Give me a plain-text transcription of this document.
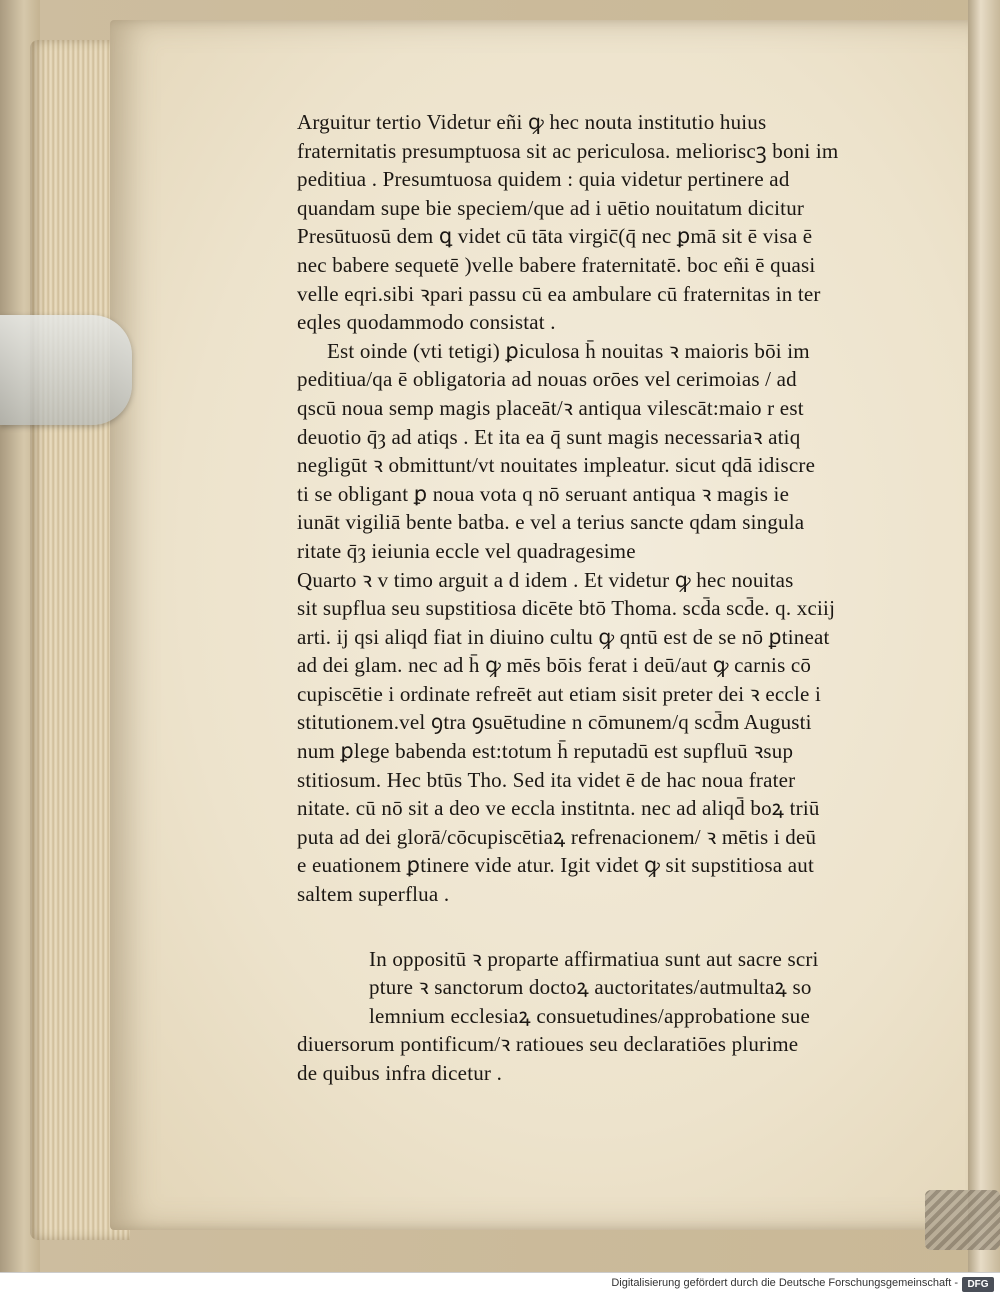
Arguitur tertio Videtur eñi ꝙ hec nouta institutio huius
fraternitatis presumptuosa sit ac periculosa. melioriscꝫ boni im
peditiua . Presumtuosa quidem : quia videtur pertinere ad
quandam supe bie speciem/que ad i uētio nouitatum dicitur
Presūtuosū dem ꝗ videt cū tāta virgic̄(q̄ nec ꝑmā sit ē visa ē
nec babere sequetē )velle babere fraternitatē. boc eñi ē quasi
velle eqri.sibi ꝛpari passu cū ea ambulare cū fraternitas in ter
eqles quodammodo consistat .
Est oinde (vti tetigi) ꝑiculosa h̄ nouitas ꝛ maioris bōi im
peditiua/qa ē obligatoria ad nouas orōes vel cerimoias / ad
qscū noua semp magis placeāt/ꝛ antiqua vilescāt:maio r est
deuotio q̄ȝ ad atiqs . Et ita ea q̄ sunt magis necessariaꝛ atiq
negligūt ꝛ obmittunt/vt nouitates impleatur. sicut qdā idiscre
ti se obligant ꝑ noua vota q nō seruant antiqua ꝛ magis ie
iunāt vigiliā bente batba. e vel a terius sancte qdam singula
ritate q̄ȝ ieiunia eccle vel quadragesime
Quarto ꝛ v timo arguit a d idem . Et videtur ꝙ hec nouitas
sit supflua seu supstitiosa dicēte btō Thoma. scd̄a scd̄e. q. xciij
arti. ij qsi aliqd fiat in diuino cultu ꝙ qntū est de se nō ꝑtineat
ad dei glam. nec ad h̄ ꝙ mēs bōis ferat i deū/aut ꝙ carnis cō
cupiscētie i ordinate refreēt aut etiam sisit preter dei ꝛ eccle i
stitutionem.vel ꝯtra ꝯsuētudine n cōmunem/q scd̄m Augusti
num ꝑlege babenda est:totum h̄ reputadū est supfluū ꝛsup
stitiosum. Hec btūs Tho. Sed ita videt ē de hac noua frater
nitate. cū nō sit a deo ve eccla institnta. nec ad aliqd̄ boꝝ triū
puta ad dei glorā/cōcupiscētiaꝝ refrenacionem/ ꝛ mētis i deū
e euationem ꝑtinere vide atur. Igit videt ꝙ sit supstitiosa aut
saltem superflua .
In oppositū ꝛ proparte affirmatiua sunt aut sacre scri
pture ꝛ sanctorum doctoꝝ auctoritates/autmultaꝝ so
lemnium ecclesiaꝝ consuetudines/approbatione sue
diuersorum pontificum/ꝛ ratioues seu declaratiōes plurime
de quibus infra dicetur .
Digitalisierung gefördert durch die Deutsche Forschungsgemeinschaft - DFG
